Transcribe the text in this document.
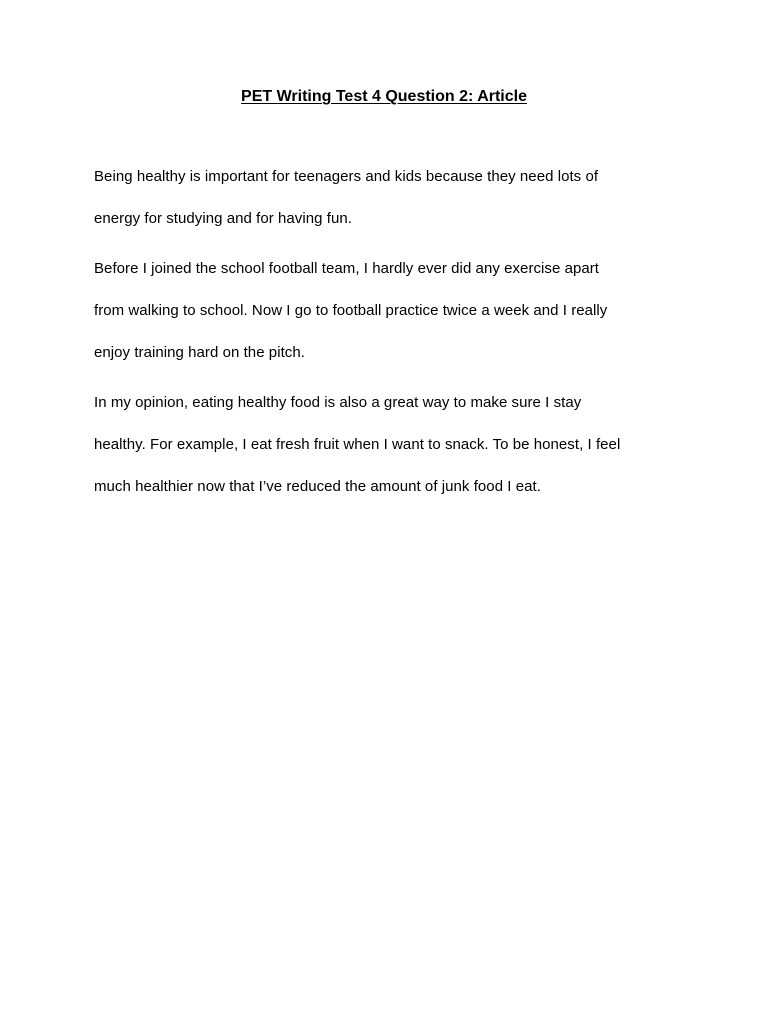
PET Writing Test 4 Question 2: Article

Being healthy is important for teenagers and kids because they need lots of
energy for studying and for having fun.

Before I joined the school football team, I hardly ever did any exercise apart
from walking to school. Now I go to football practice twice a week and I really
enjoy training hard on the pitch.

In my opinion, eating healthy food is also a great way to make sure I stay
healthy. For example, I eat fresh fruit when I want to snack. To be honest, I feel
much healthier now that I’ve reduced the amount of junk food I eat.
